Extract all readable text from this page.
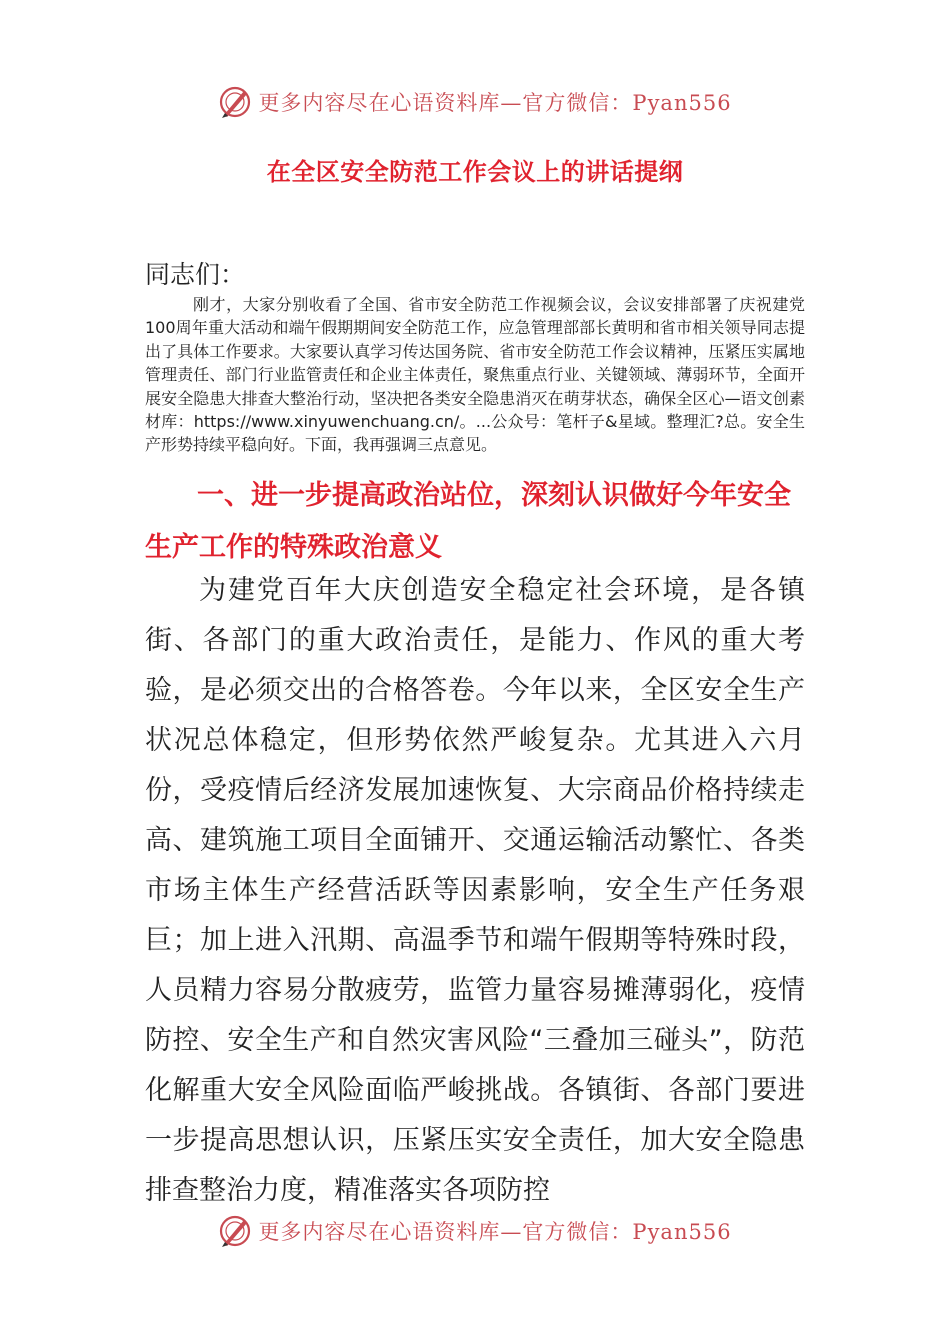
更多内容尽在心语资料库—官方微信：Pyan556
在全区安全防范工作会议上的讲话提纲
同志们：

刚才，大家分别收看了全国、省市安全防范工作视频会议，会议安排部署了庆祝建党100周年重大活动和端午假期期间安全防范工作，应急管理部部长黄明和省市相关领导同志提出了具体工作要求。大家要认真学习传达国务院、省市安全防范工作会议精神，压紧压实属地管理责任、部门行业监管责任和企业主体责任，聚焦重点行业、关键领域、薄弱环节，全面开展安全隐患大排查大整治行动，坚决把各类安全隐患消灭在萌芽状态，确保全区心—语文创素材库：https://www.xinyuwenchuang.cn/。...公众号：笔杆子&星域。整理汇?总。安全生产形势持续平稳向好。下面，我再强调三点意见。

一、进一步提高政治站位，深刻认识做好今年安全生产工作的特殊政治意义

为建党百年大庆创造安全稳定社会环境，是各镇街、各部门的重大政治责任，是能力、作风的重大考验，是必须交出的合格答卷。今年以来，全区安全生产状况总体稳定，但形势依然严峻复杂。尤其进入六月份，受疫情后经济发展加速恢复、大宗商品价格持续走高、建筑施工项目全面铺开、交通运输活动繁忙、各类市场主体生产经营活跃等因素影响，安全生产任务艰巨；加上进入汛期、高温季节和端午假期等特殊时段，人员精力容易分散疲劳，监管力量容易摊薄弱化，疫情防控、安全生产和自然灾害风险“三叠加三碰头”，防范化解重大安全风险面临严峻挑战。各镇街、各部门要进一步提高思想认识，压紧压实安全责任，加大安全隐患排查整治力度，精准落实各项防控

更多内容尽在心语资料库—官方微信：Pyan556
